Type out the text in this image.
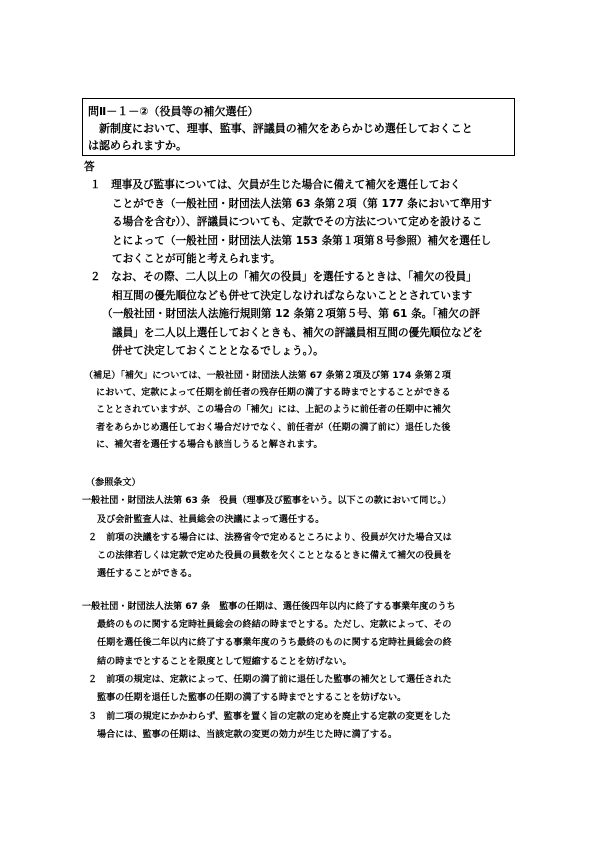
問Ⅱ－１－②（役員等の補欠選任）
新制度において、理事、監事、評議員の補欠をあらかじめ選任しておくこと
は認められますか。
答
１　理事及び監事については、欠員が生じた場合に備えて補欠を選任しておく
ことができ（一般社団・財団法人法第 63 条第２項（第 177 条において準用す
る場合を含む））、評議員についても、定款でその方法について定めを設けるこ
とによって（一般社団・財団法人法第 153 条第１項第８号参照）補欠を選任し
ておくことが可能と考えられます。
２　なお、その際、二人以上の「補欠の役員」を選任するときは、「補欠の役員」
相互間の優先順位なども併せて決定しなければならないこととされています
（一般社団・財団法人法施行規則第 12 条第２項第５号、第 61 条。「補欠の評
議員」を二人以上選任しておくときも、補欠の評議員相互間の優先順位などを
併せて決定しておくこととなるでしょう。）。
（補足）「補欠」については、一般社団・財団法人法第 67 条第２項及び第 174 条第２項
において、定款によって任期を前任者の残存任期の満了する時までとすることができる
こととされていますが、この場合の「補欠」には、上記のように前任者の任期中に補欠
者をあらかじめ選任しておく場合だけでなく、前任者が（任期の満了前に）退任した後
に、補欠者を選任する場合も該当しうると解されます。
（参照条文）
一般社団・財団法人法第 63 条　役員（理事及び監事をいう。以下この款において同じ。）
及び会計監査人は、社員総会の決議によって選任する。
２　前項の決議をする場合には、法務省令で定めるところにより、役員が欠けた場合又は
この法律若しくは定款で定めた役員の員数を欠くこととなるときに備えて補欠の役員を
選任することができる。
一般社団・財団法人法第 67 条　監事の任期は、選任後四年以内に終了する事業年度のうち
最終のものに関する定時社員総会の終結の時までとする。ただし、定款によって、その
任期を選任後二年以内に終了する事業年度のうち最終のものに関する定時社員総会の終
結の時までとすることを限度として短縮することを妨げない。
２　前項の規定は、定款によって、任期の満了前に退任した監事の補欠として選任された
監事の任期を退任した監事の任期の満了する時までとすることを妨げない。
３　前二項の規定にかかわらず、監事を置く旨の定款の定めを廃止する定款の変更をした
場合には、監事の任期は、当該定款の変更の効力が生じた時に満了する。
